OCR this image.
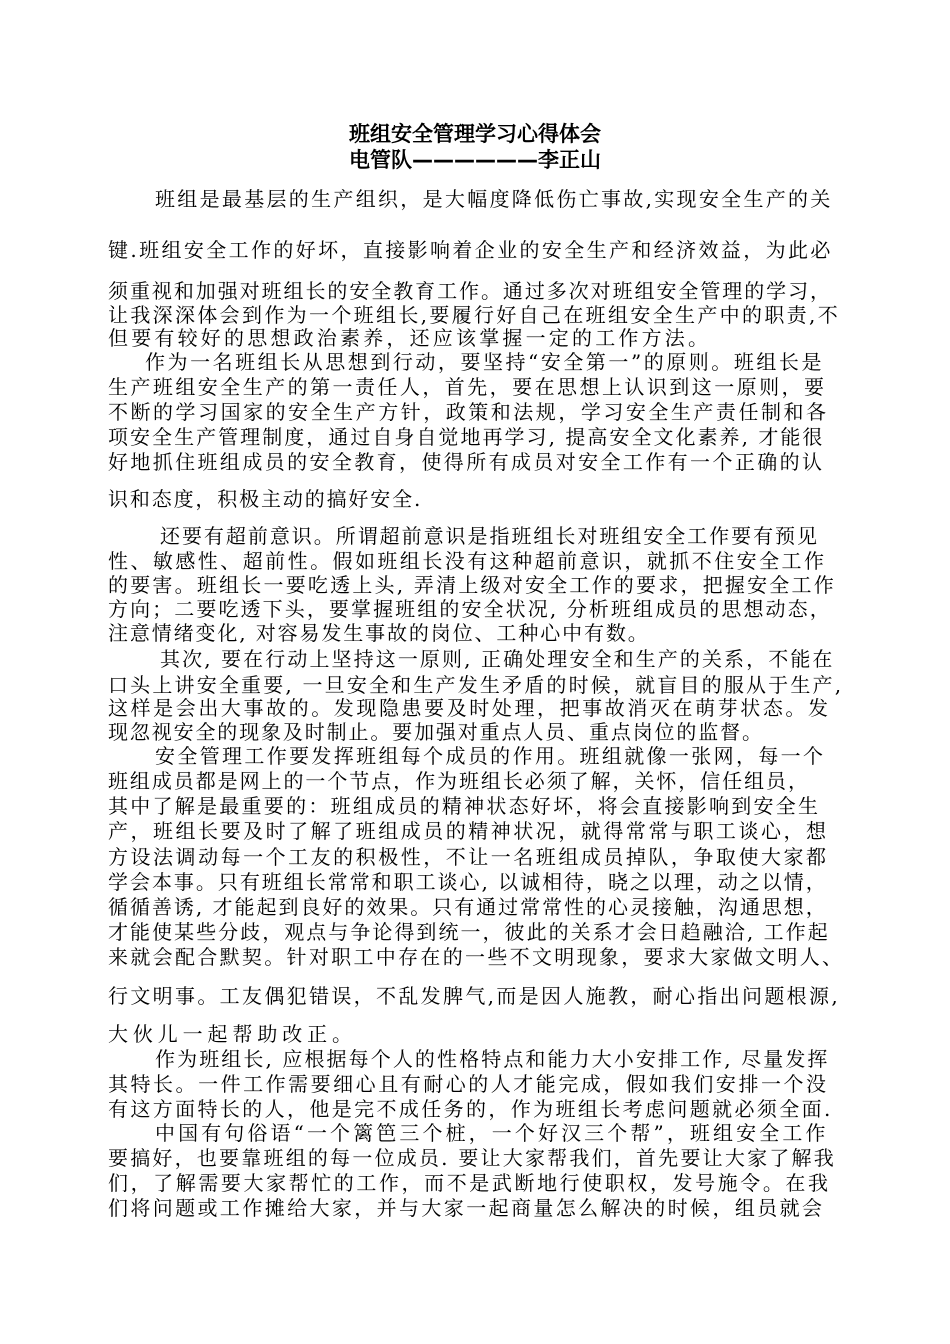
班组安全管理学习心得体会
电管队——————李正山
班组是最基层的生产组织，是大幅度降低伤亡事故,实现安全生产的关
键.班组安全工作的好坏，直接影响着企业的安全生产和经济效益，为此必
须重视和加强对班组长的安全教育工作。通过多次对班组安全管理的学习，
让我深深体会到作为一个班组长,要履行好自己在班组安全生产中的职责,不
但要有较好的思想政治素养，还应该掌握一定的工作方法。
作为一名班组长从思想到行动，要坚持“安全第一”的原则。班组长是
生产班组安全生产的第一责任人，首先，要在思想上认识到这一原则，要
不断的学习国家的安全生产方针，政策和法规，学习安全生产责任制和各
项安全生产管理制度，通过自身自觉地再学习, 提高安全文化素养, 才能很
好地抓住班组成员的安全教育，使得所有成员对安全工作有一个正确的认
识和态度，积极主动的搞好安全.
还要有超前意识。所谓超前意识是指班组长对班组安全工作要有预见
性、敏感性、超前性。假如班组长没有这种超前意识，就抓不住安全工作
的要害。班组长一要吃透上头, 弄清上级对安全工作的要求，把握安全工作
方向；二要吃透下头，要掌握班组的安全状况, 分析班组成员的思想动态，
注意情绪变化, 对容易发生事故的岗位、工种心中有数。
其次, 要在行动上坚持这一原则, 正确处理安全和生产的关系，不能在
口头上讲安全重要, 一旦安全和生产发生矛盾的时候，就盲目的服从于生产,
这样是会出大事故的。发现隐患要及时处理，把事故消灭在萌芽状态。发
现忽视安全的现象及时制止。要加强对重点人员、重点岗位的监督。
安全管理工作要发挥班组每个成员的作用。班组就像一张网，每一个
班组成员都是网上的一个节点，作为班组长必须了解，关怀，信任组员，
其中了解是最重要的：班组成员的精神状态好坏，将会直接影响到安全生
产，班组长要及时了解了班组成员的精神状况，就得常常与职工谈心，想
方设法调动每一个工友的积极性，不让一名班组成员掉队，争取使大家都
学会本事。只有班组长常常和职工谈心, 以诚相待，晓之以理，动之以情，
循循善诱, 才能起到良好的效果。只有通过常常性的心灵接触，沟通思想，
才能使某些分歧，观点与争论得到统一，彼此的关系才会日趋融洽, 工作起
来就会配合默契。针对职工中存在的一些不文明现象，要求大家做文明人、
行文明事。工友偶犯错误，不乱发脾气,而是因人施教，耐心指出问题根源,
大伙儿一起帮助改正。
作为班组长, 应根据每个人的性格特点和能力大小安排工作, 尽量发挥
其特长。一件工作需要细心且有耐心的人才能完成，假如我们安排一个没
有这方面特长的人，他是完不成任务的，作为班组长考虑问题就必须全面.
中国有句俗语“一个篱笆三个桩，一个好汉三个帮”，班组安全工作
要搞好，也要靠班组的每一位成员. 要让大家帮我们，首先要让大家了解我
们，了解需要大家帮忙的工作，而不是武断地行使职权，发号施令。在我
们将问题或工作摊给大家，并与大家一起商量怎么解决的时候，组员就会
